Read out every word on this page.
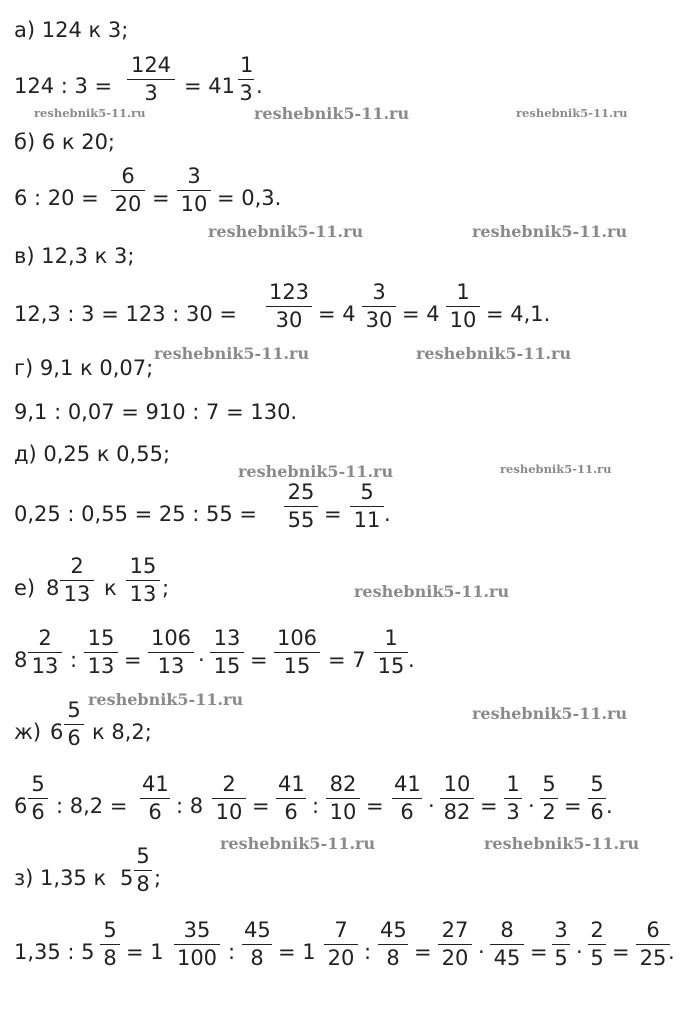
а) 124 к 3;
124 : 3 =
124
3	= 41
1
3 .
б) 6 к 20;
6 : 20 =
6
20 =
3
10 = 0,3.
в) 12,3 к 3;
12,3 : 3 = 123 : 30 =
123
30 = 4
3
30 = 4
1
10 = 4,1.
г) 9,1 к 0,07;
9,1 : 0,07 = 910 : 7 = 130.
д) 0,25 к 0,55;
0,25 : 0,55 = 25 : 55 =
25
55 =
5
11 .
е) 8
2
13 к
15
13 ;
8
2
13 :
15
13 =
106
13 ·
13
15 =
106
15 = 7
1
15 .
ж) 6
5
6 к 8,2;
6
5
6 : 8,2 =
41
6 : 8
2
10 =
41
6 :
82
10 =
41
6 ·
10
82 =
1
3 ·
5
2 =
5
6 .
з) 1,35 к 5
5
8 ;
1,35 : 5
5
8 = 1
35
100 :
45
8 = 1
7
20 :
45
8 =
27
20 ·
8
45 =
3
5 ·
2
5 =
6
25 .
reshebnik5-11.ru	reshebnik5-11.ru	reshebnik5-11.ru
reshebnik5-11.ru	reshebnik5-11.ru
reshebnik5-11.ru	reshebnik5-11.ru
reshebnik5-11.ru	reshebnik5-11.ru
reshebnik5-11.ru
reshebnik5-11.ru
reshebnik5-11.ru
reshebnik5-11.ru	reshebnik5-11.ru
